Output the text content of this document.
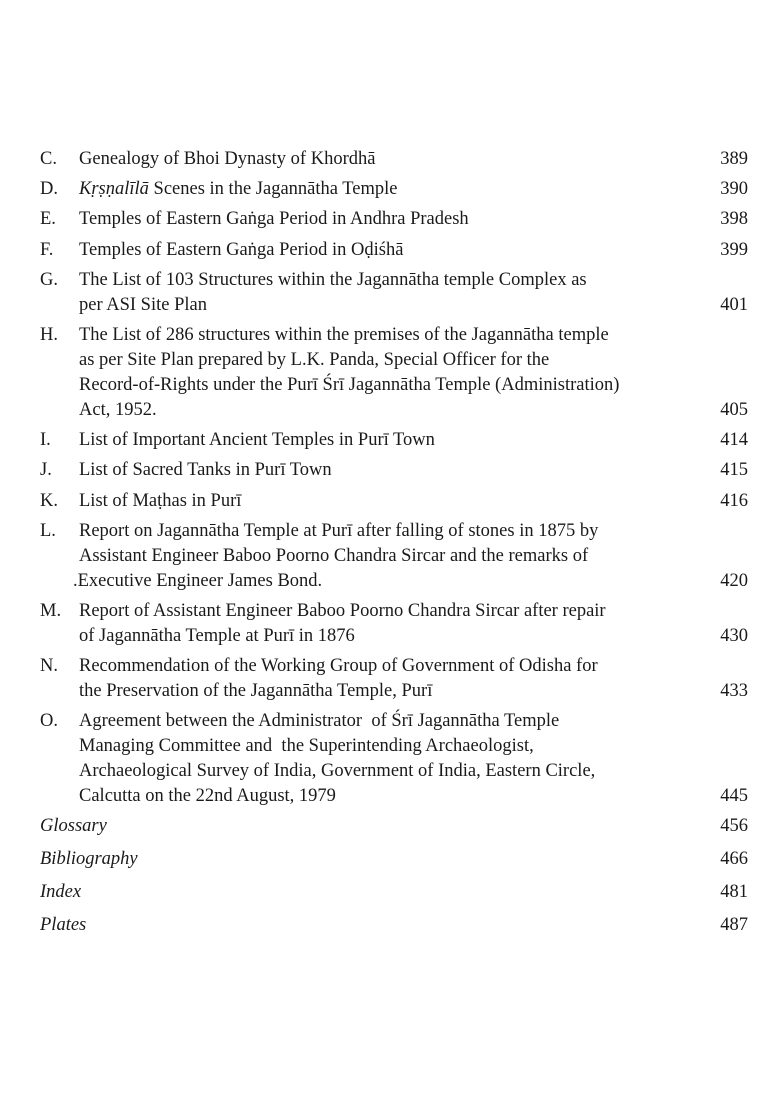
C.	Genealogy of Bhoi Dynasty of Khordhā	389
D.	Kṛṣṇalīlā Scenes in the Jagannātha Temple	390
E.	Temples of Eastern Gaṅga Period in Andhra Pradesh	398
F.	Temples of Eastern Gaṅga Period in Oḍiśhā	399
G.	The List of 103 Structures within the Jagannātha temple Complex as
per ASI Site Plan	401
H.	The List of 286 structures within the premises of the Jagannātha temple
as per Site Plan prepared by L.K. Panda, Special Officer for the
Record-of-Rights under the Purī Śrī Jagannātha Temple (Administration)
Act, 1952.	405
I.	List of Important Ancient Temples in Purī Town	414
J.	List of Sacred Tanks in Purī Town	415
K.	List of Maṭhas in Purī	416
L.	Report on Jagannātha Temple at Purī after falling of stones in 1875 by
Assistant Engineer Baboo Poorno Chandra Sircar and the remarks of
.Executive Engineer James Bond.	420
M. Report of Assistant Engineer Baboo Poorno Chandra Sircar after repair
of Jagannātha Temple at Purī in 1876	430
N.	Recommendation of the Working Group of Government of Odisha for
the Preservation of the Jagannātha Temple, Purī	433
O.	Agreement between the Administrator  of Śrī Jagannātha Temple
Managing Committee and  the Superintending Archaeologist,
Archaeological Survey of India, Government of India, Eastern Circle,
Calcutta on the 22nd August, 1979	445
Glossary	456
Bibliography	466
Index	481
Plates	487
